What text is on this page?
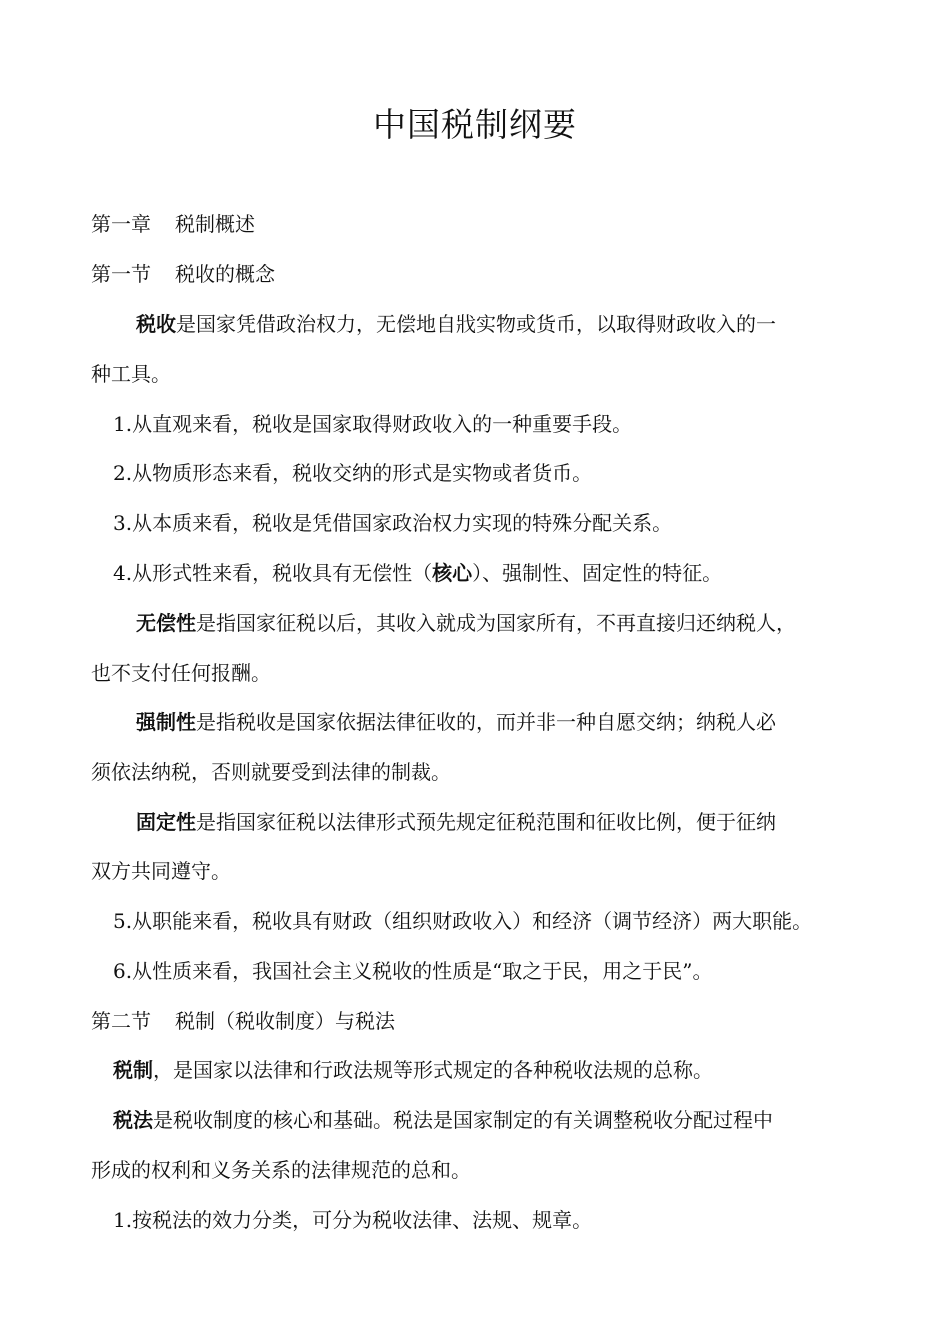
中国税制纲要
第一章 税制概述
第一节 税收的概念
税收是国家凭借政治权力，无偿地自戕实物或货币，以取得财政收入的一
种工具。
1.从直观来看，税收是国家取得财政收入的一种重要手段。
2.从物质形态来看，税收交纳的形式是实物或者货币。
3.从本质来看，税收是凭借国家政治权力实现的特殊分配关系。
4.从形式牲来看，税收具有无偿性（核心）、强制性、固定性的特征。
无偿性是指国家征税以后，其收入就成为国家所有，不再直接归还纳税人，
也不支付任何报酬。
强制性是指税收是国家依据法律征收的，而并非一种自愿交纳；纳税人必
须依法纳税，否则就要受到法律的制裁。
固定性是指国家征税以法律形式预先规定征税范围和征收比例，便于征纳
双方共同遵守。
5.从职能来看，税收具有财政（组织财政收入）和经济（调节经济）两大职能。
6.从性质来看，我国社会主义税收的性质是“取之于民，用之于民”。
第二节 税制（税收制度）与税法
税制，是国家以法律和行政法规等形式规定的各种税收法规的总称。
税法是税收制度的核心和基础。税法是国家制定的有关调整税收分配过程中
形成的权利和义务关系的法律规范的总和。
1.按税法的效力分类，可分为税收法律、法规、规章。
